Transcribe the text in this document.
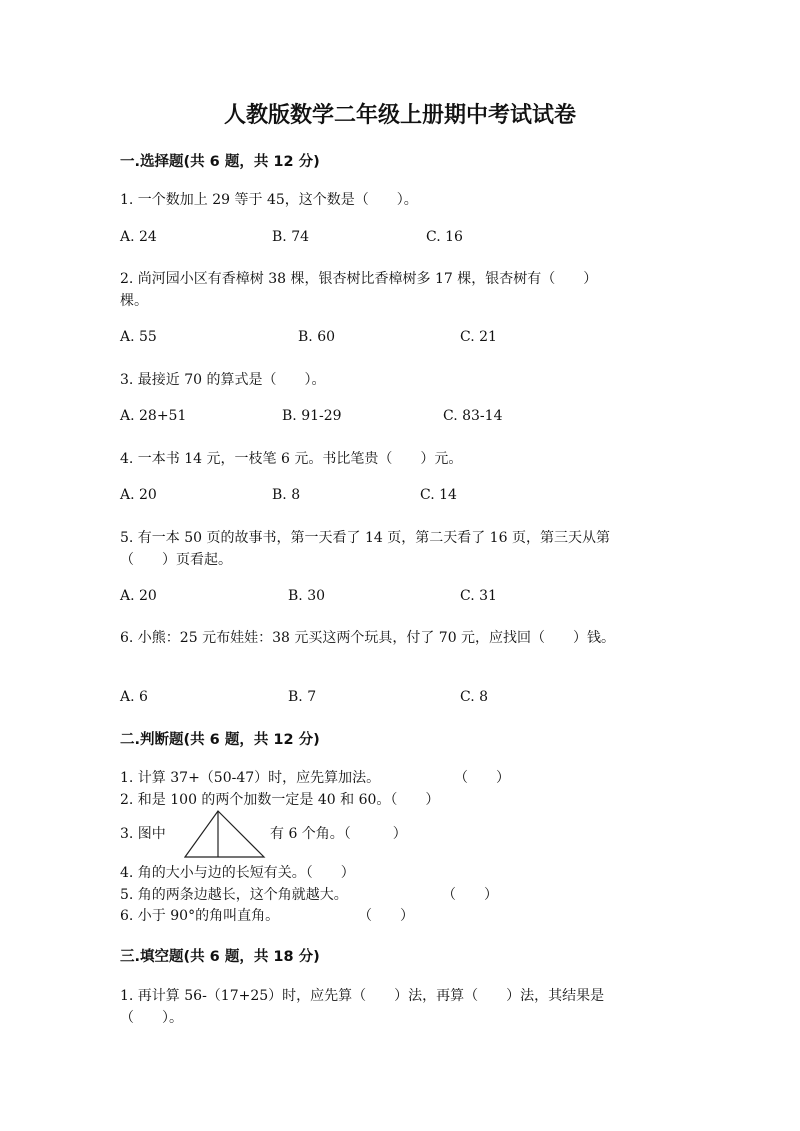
人教版数学二年级上册期中考试试卷
一.选择题(共 6 题，共 12 分)
1. 一个数加上 29 等于 45，这个数是（　　）。
A. 24	B. 74	C. 16
2. 尚河园小区有香樟树 38 棵，银杏树比香樟树多 17 棵，银杏树有（　　）
棵。
A. 55	B. 60	C. 21
3. 最接近 70 的算式是（　　）。
A. 28+51	B. 91-29	C. 83-14
4. 一本书 14 元，一枝笔 6 元。书比笔贵（　　）元。
A. 20	B. 8	C. 14
5. 有一本 50 页的故事书，第一天看了 14 页，第二天看了 16 页，第三天从第
（　　）页看起。
A. 20	B. 30	C. 31
6. 小熊：25 元布娃娃：38 元买这两个玩具，付了 70 元，应找回（　　）钱。
A. 6	B. 7	C. 8
二.判断题(共 6 题，共 12 分)
1. 计算 37+（50-47）时，应先算加法。	（　　）
2. 和是 100 的两个加数一定是 40 和 60。（　　）
3. 图中	有 6 个角。（　　　）
4. 角的大小与边的长短有关。（　　）
5. 角的两条边越长，这个角就越大。	（　　）
6. 小于 90°的角叫直角。	（　　）
三.填空题(共 6 题，共 18 分)
1. 再计算 56-（17+25）时，应先算（　　）法，再算（　　）法，其结果是
（　　）。
